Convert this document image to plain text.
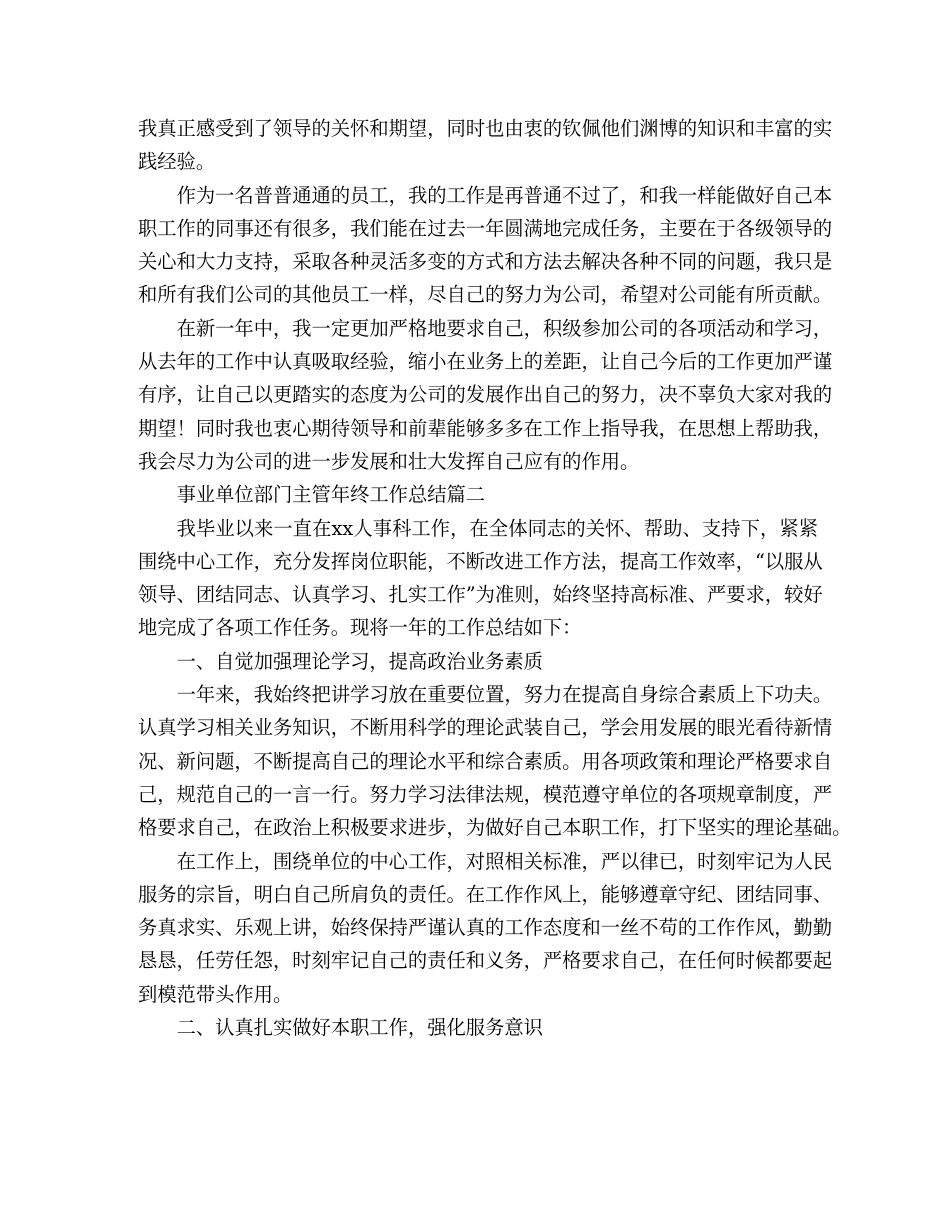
我真正感受到了领导的关怀和期望，同时也由衷的钦佩他们渊博的知识和丰富的实
践经验。
作为一名普普通通的员工，我的工作是再普通不过了，和我一样能做好自己本
职工作的同事还有很多，我们能在过去一年圆满地完成任务，主要在于各级领导的
关心和大力支持，采取各种灵活多变的方式和方法去解决各种不同的问题，我只是
和所有我们公司的其他员工一样，尽自己的努力为公司，希望对公司能有所贡献。
在新一年中，我一定更加严格地要求自己，积级参加公司的各项活动和学习，
从去年的工作中认真吸取经验，缩小在业务上的差距，让自己今后的工作更加严谨
有序，让自己以更踏实的态度为公司的发展作出自己的努力，决不辜负大家对我的
期望！同时我也衷心期待领导和前辈能够多多在工作上指导我，在思想上帮助我，
我会尽力为公司的进一步发展和壮大发挥自己应有的作用。
事业单位部门主管年终工作总结篇二
我毕业以来一直在xx人事科工作，在全体同志的关怀、帮助、支持下，紧紧
围绕中心工作，充分发挥岗位职能，不断改进工作方法，提高工作效率，“以服从
领导、团结同志、认真学习、扎实工作”为准则，始终坚持高标准、严要求，较好
地完成了各项工作任务。现将一年的工作总结如下：
一、自觉加强理论学习，提高政治业务素质
一年来，我始终把讲学习放在重要位置，努力在提高自身综合素质上下功夫。
认真学习相关业务知识，不断用科学的理论武装自己，学会用发展的眼光看待新情
况、新问题，不断提高自己的理论水平和综合素质。用各项政策和理论严格要求自
己，规范自己的一言一行。努力学习法律法规，模范遵守单位的各项规章制度，严
格要求自己，在政治上积极要求进步，为做好自己本职工作，打下坚实的理论基础。
在工作上，围绕单位的中心工作，对照相关标准，严以律已，时刻牢记为人民
服务的宗旨，明白自己所肩负的责任。在工作作风上，能够遵章守纪、团结同事、
务真求实、乐观上讲，始终保持严谨认真的工作态度和一丝不苟的工作作风，勤勤
恳恳，任劳任怨，时刻牢记自己的责任和义务，严格要求自己，在任何时候都要起
到模范带头作用。
二、认真扎实做好本职工作，强化服务意识
